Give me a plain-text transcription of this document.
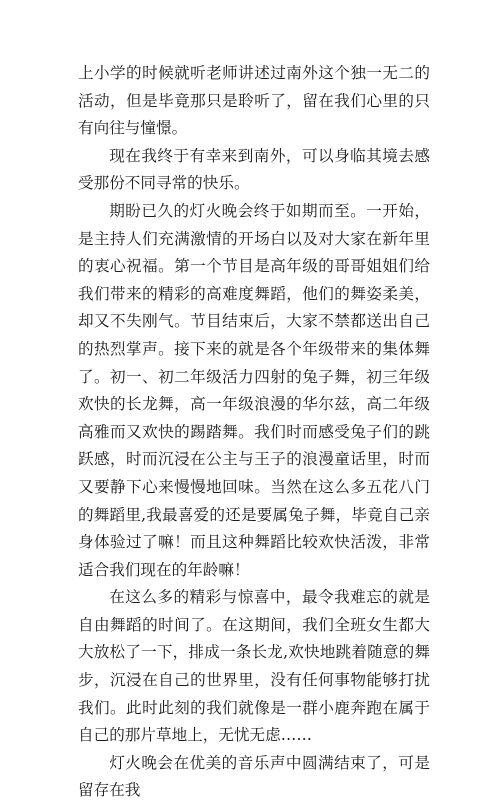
上小学的时候就听老师讲述过南外这个独一无二的活动，但是毕竟那只是聆听了，留在我们心里的只有向往与憧憬。

现在我终于有幸来到南外，可以身临其境去感受那份不同寻常的快乐。

期盼已久的灯火晚会终于如期而至。一开始，是主持人们充满激情的开场白以及对大家在新年里的衷心祝福。第一个节目是高年级的哥哥姐姐们给我们带来的精彩的高难度舞蹈，他们的舞姿柔美，却又不失刚气。节目结束后，大家不禁都送出自己的热烈掌声。接下来的就是各个年级带来的集体舞了。初一、初二年级活力四射的兔子舞，初三年级欢快的长龙舞，高一年级浪漫的华尔兹，高二年级高雅而又欢快的踢踏舞。我们时而感受兔子们的跳跃感，时而沉浸在公主与王子的浪漫童话里，时而又要静下心来慢慢地回味。当然在这么多五花八门的舞蹈里,我最喜爱的还是要属兔子舞，毕竟自己亲身体验过了嘛！而且这种舞蹈比较欢快活泼，非常适合我们现在的年龄嘛！

在这么多的精彩与惊喜中，最令我难忘的就是自由舞蹈的时间了。在这期间，我们全班女生都大大放松了一下，排成一条长龙,欢快地跳着随意的舞步，沉浸在自己的世界里，没有任何事物能够打扰我们。此时此刻的我们就像是一群小鹿奔跑在属于自己的那片草地上，无忧无虑……

灯火晚会在优美的音乐声中圆满结束了，可是留存在我
